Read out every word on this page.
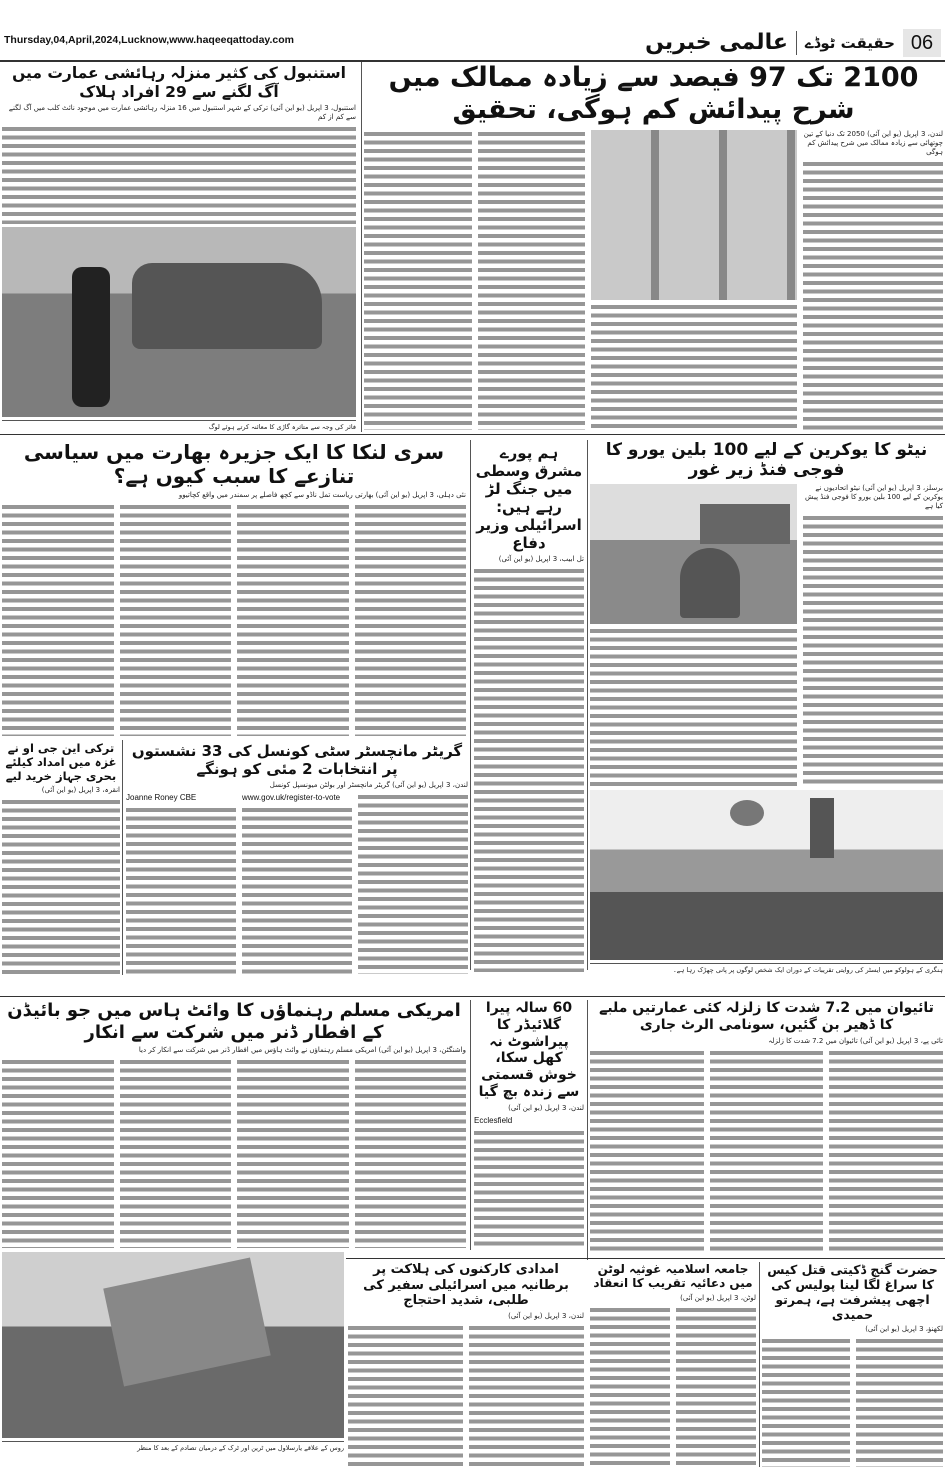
Thursday,04,April,2024,Lucknow,www.haqeeqattoday.com	06
حقیقت ٹوڈے
عالمی خبریں
استنبول کی کثیر منزلہ رہائشی عمارت میں آگ لگنے سے 29 افراد ہلاک
استنبول، 3 اپریل (یو این آئی) ترکی کے شہر استنبول میں 16 منزلہ رہائشی عمارت میں موجود نائٹ کلب میں آگ لگنے سے کم از کم
فائر کی وجہ سے متاثرہ گاڑی کا معائنہ کرتے ہوئے لوگ
2100 تک 97 فیصد سے زیادہ ممالک میں شرح پیدائش کم ہوگی، تحقیق
لندن، 3 اپریل (یو این آئی) 2050 تک دنیا کے تین چوتھائی سے زیادہ ممالک میں شرح پیدائش کم ہوگی
سری لنکا کا ایک جزیرہ بھارت میں سیاسی تنازعے کا سبب کیوں ہے؟
نئی دہلی، 3 اپریل (یو این آئی) بھارتی ریاست تمل ناڈو سے کچھ فاصلے پر سمندر میں واقع کچاتیوو
ہم پورے مشرق وسطی میں جنگ لڑ رہے ہیں: اسرائیلی وزیر دفاع
تل ابیب، 3 اپریل (یو این آئی)
نیٹو کا یوکرین کے لیے 100 بلین یورو کا فوجی فنڈ زیر غور
برسلز، 3 اپریل (یو این آئی) نیٹو اتحادیوں نے یوکرین کے لیے 100 بلین یورو کا فوجی فنڈ پیش کیا ہے
ہنگری کے ہولوکو میں ایسٹر کی روایتی تقریبات کے دوران ایک شخص لوگوں پر پانی چھڑک رہا ہے۔
ترکی این جی او نے غزہ میں امداد کیلئے بحری جہاز خرید لیے
انقرہ، 3 اپریل (یو این آئی)
گریٹر مانچسٹر سٹی کونسل کی 33 نشستوں پر انتخابات 2 مئی کو ہونگے
لندن، 3 اپریل (یو این آئی) گریٹر مانچسٹر اور بولٹن میونسپل کونسل
www.gov.uk/register-to-vote
Joanne Roney CBE
امریکی مسلم رہنماؤں کا وائٹ ہاس میں جو بائیڈن کے افطار ڈنر میں شرکت سے انکار
واشنگٹن، 3 اپریل (یو این آئی) امریکی مسلم رہنماؤں نے وائٹ ہاؤس میں افطار ڈنر میں شرکت سے انکار کر دیا
روس کے علاقے یارسلاول میں ٹرین اور ٹرک کے درمیان تصادم کے بعد کا منظر
60 سالہ پیرا گلائیڈر کا پیراشوٹ نہ کھل سکا، خوش قسمتی سے زندہ بچ گیا
لندن، 3 اپریل (یو این آئی)
Ecclesfield
تائیوان میں 7.2 شدت کا زلزلہ کئی عمارتیں ملبے کا ڈھیر بن گئیں، سونامی الرٹ جاری
تائی پے، 3 اپریل (یو این آئی) تائیوان میں 7.2 شدت کا زلزلہ
امدادی کارکنوں کی ہلاکت پر برطانیہ میں اسرائیلی سفیر کی طلبی، شدید احتجاج
لندن، 3 اپریل (یو این آئی)
جامعہ اسلامیہ غوثیہ لوٹن میں دعائیہ تقریب کا انعقاد
لوٹن، 3 اپریل (یو این آئی)
حضرت گنج ڈکیتی قتل کیس کا سراغ لگا لینا پولیس کی اچھی پیشرفت ہے، ہمرتو حمیدی
لکھنؤ، 3 اپریل (یو این آئی)
